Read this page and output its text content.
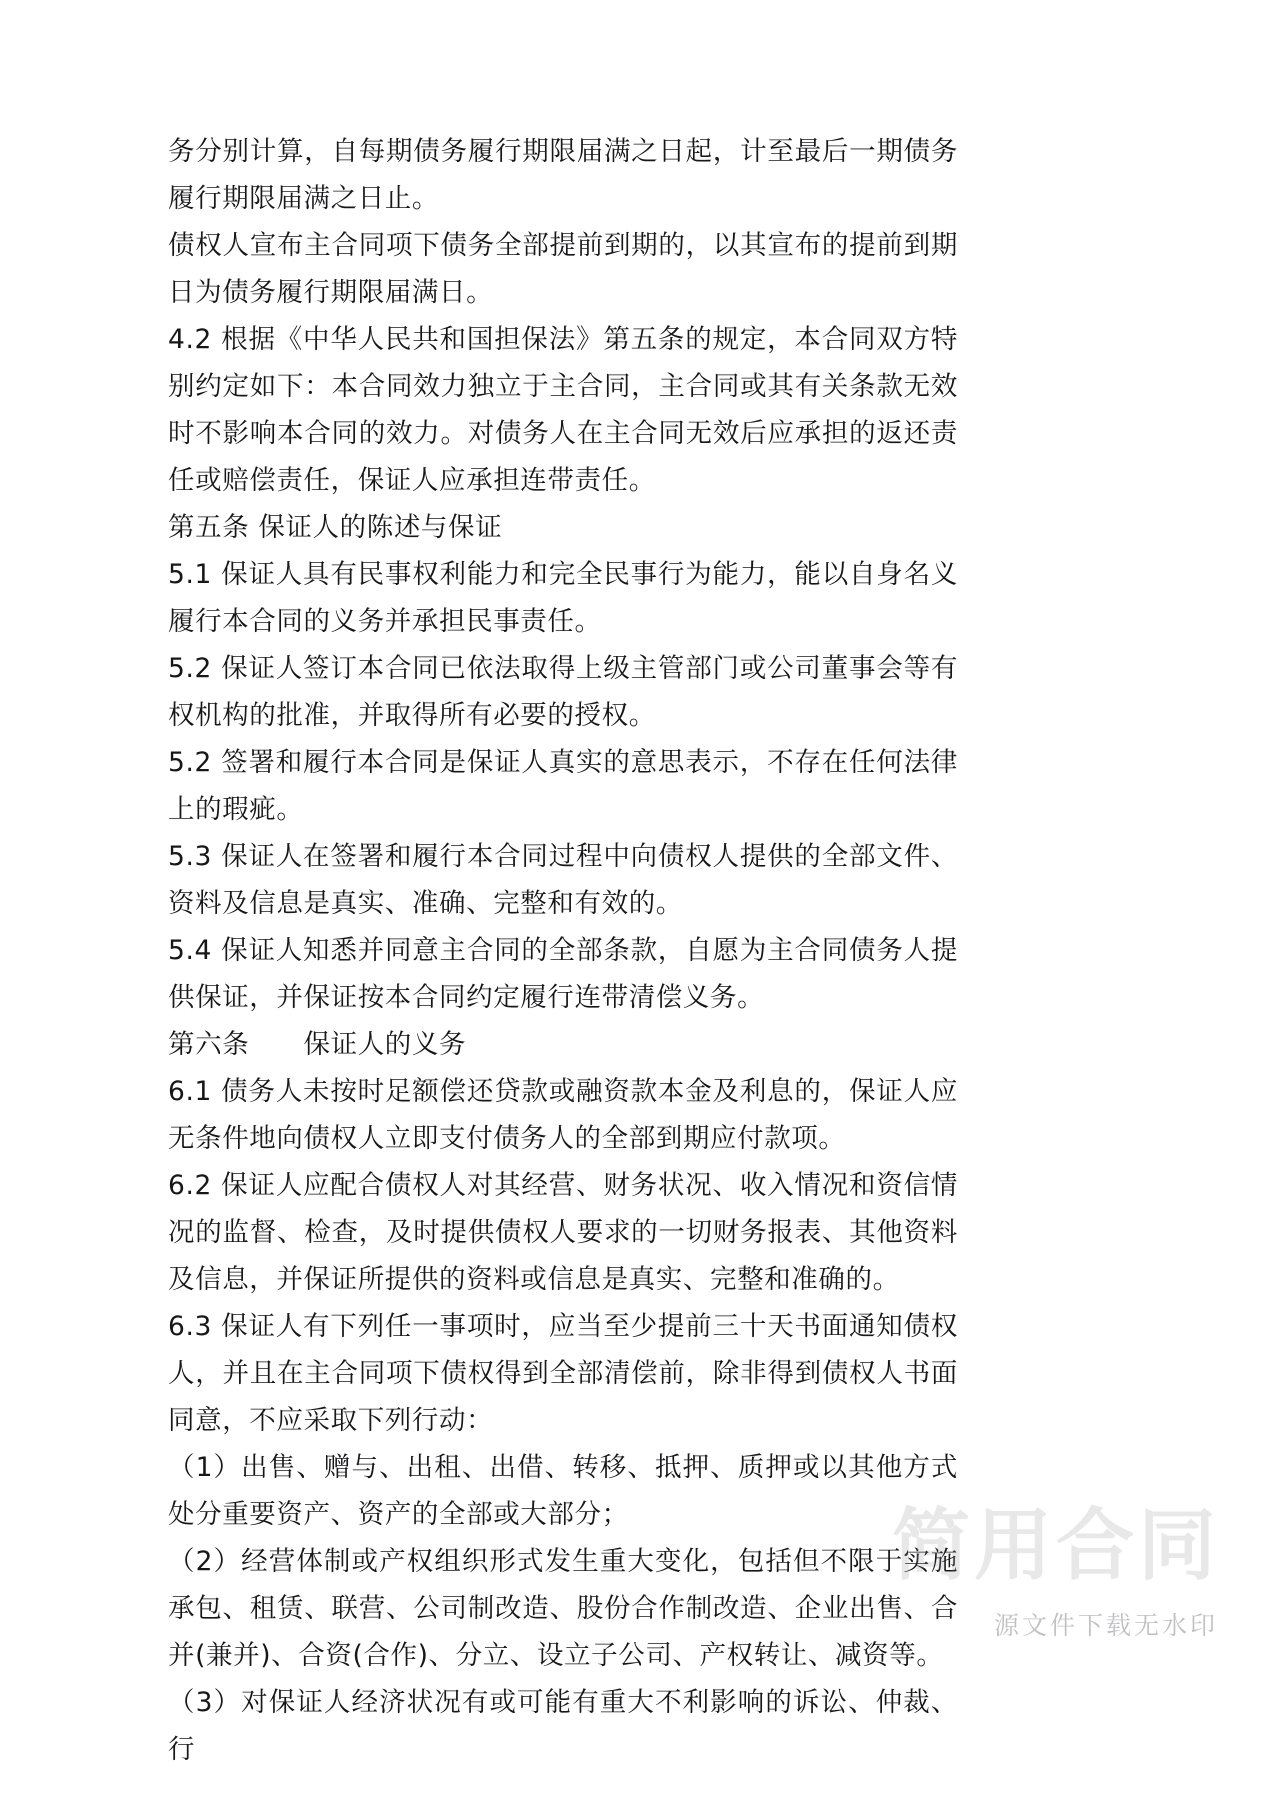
务分别计算，自每期债务履行期限届满之日起，计至最后一期债务履行期限届满之日止。

债权人宣布主合同项下债务全部提前到期的，以其宣布的提前到期日为债务履行期限届满日。

4.2 根据《中华人民共和国担保法》第五条的规定，本合同双方特别约定如下：本合同效力独立于主合同，主合同或其有关条款无效时不影响本合同的效力。对债务人在主合同无效后应承担的返还责任或赔偿责任，保证人应承担连带责任。

第五条 保证人的陈述与保证

5.1 保证人具有民事权利能力和完全民事行为能力，能以自身名义履行本合同的义务并承担民事责任。

5.2 保证人签订本合同已依法取得上级主管部门或公司董事会等有权机构的批准，并取得所有必要的授权。

5.2 签署和履行本合同是保证人真实的意思表示，不存在任何法律上的瑕疵。

5.3 保证人在签署和履行本合同过程中向债权人提供的全部文件、资料及信息是真实、准确、完整和有效的。

5.4 保证人知悉并同意主合同的全部条款，自愿为主合同债务人提供保证，并保证按本合同约定履行连带清偿义务。

第六条　　保证人的义务

6.1 债务人未按时足额偿还贷款或融资款本金及利息的，保证人应无条件地向债权人立即支付债务人的全部到期应付款项。

6.2 保证人应配合债权人对其经营、财务状况、收入情况和资信情况的监督、检查，及时提供债权人要求的一切财务报表、其他资料及信息，并保证所提供的资料或信息是真实、完整和准确的。

6.3 保证人有下列任一事项时，应当至少提前三十天书面通知债权人，并且在主合同项下债权得到全部清偿前，除非得到债权人书面同意，不应采取下列行动：

（1）出售、赠与、出租、出借、转移、抵押、质押或以其他方式处分重要资产、资产的全部或大部分；

（2）经营体制或产权组织形式发生重大变化，包括但不限于实施承包、租赁、联营、公司制改造、股份合作制改造、企业出售、合并(兼并)、合资(合作)、分立、设立子公司、产权转让、减资等。

（3）对保证人经济状况有或可能有重大不利影响的诉讼、仲裁、行

简用合同
源文件下载无水印
